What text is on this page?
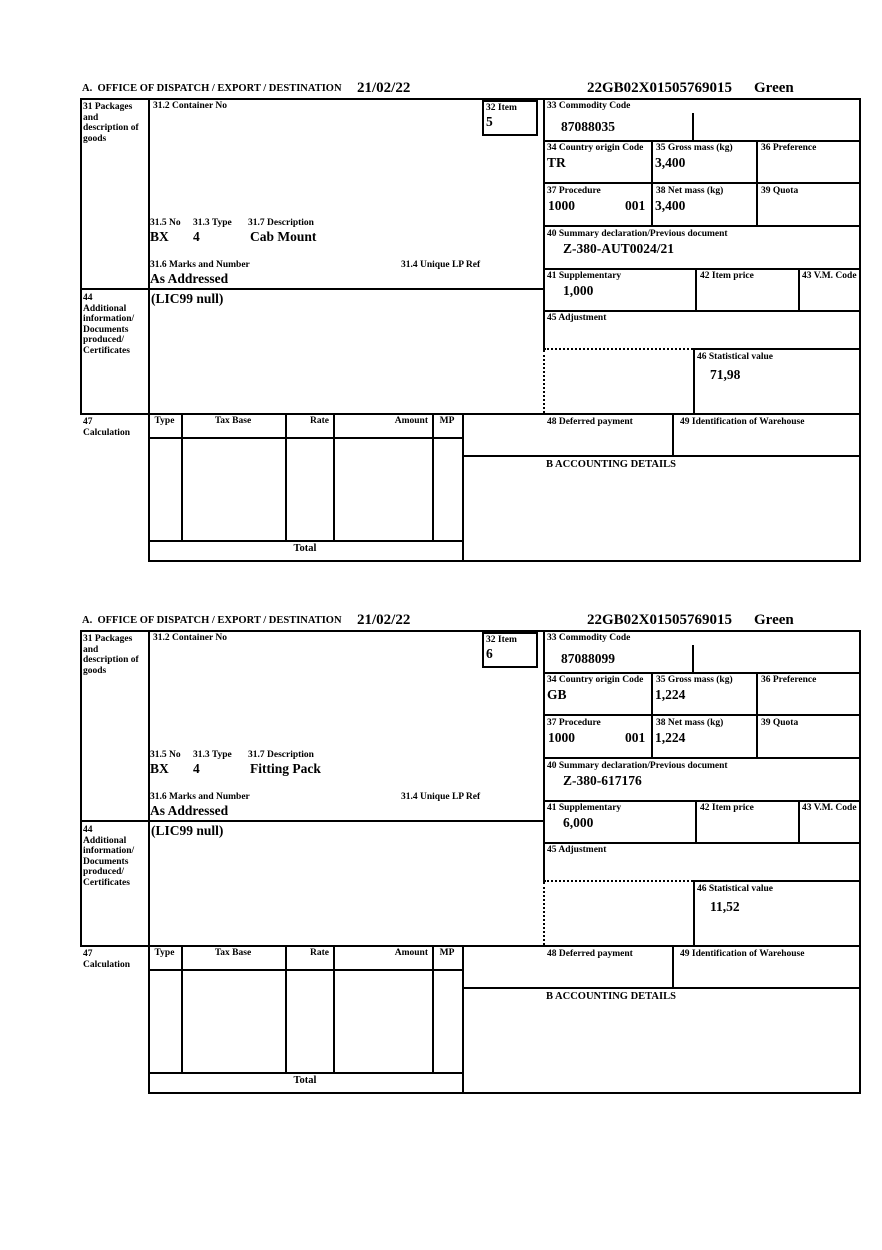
A.  OFFICE OF DISPATCH / EXPORT / DESTINATION 21/02/22	22GB02X01505769015 Green
31 Packages and description of goods
44 Additional information/ Documents produced/ Certificates
47 Calculation
31.2 Container No	32 Item
5
31.5 No 31.3 Type 31.7 Description
BX 4	Cab Mount
31.6 Marks and Number	31.4 Unique LP Ref
As Addressed
(LIC99 null)
33 Commodity Code
87088035
34 Country origin Code
TR
35 Gross mass (kg)
3,400
36 Preference
37 Procedure
1000	001
38 Net mass (kg)
3,400
39 Quota
40 Summary declaration/Previous document
Z-380-AUT0024/21
41 Supplementary
1,000
42 Item price	43 V.M. Code
45 Adjustment
46 Statistical value
71,98
Type	Tax Base	Rate	Amount	MP
Total
48 Deferred payment	49 Identification of Warehouse
B ACCOUNTING DETAILS
A.  OFFICE OF DISPATCH / EXPORT / DESTINATION 21/02/22	22GB02X01505769015 Green
31 Packages and description of goods
44 Additional information/ Documents produced/ Certificates
47 Calculation
31.2 Container No	32 Item
6
31.5 No 31.3 Type 31.7 Description
BX 4	Fitting Pack
31.6 Marks and Number	31.4 Unique LP Ref
As Addressed
(LIC99 null)
33 Commodity Code
87088099
34 Country origin Code
GB
35 Gross mass (kg)
1,224
36 Preference
37 Procedure
1000	001
38 Net mass (kg)
1,224
39 Quota
40 Summary declaration/Previous document
Z-380-617176
41 Supplementary
6,000
42 Item price	43 V.M. Code
45 Adjustment
46 Statistical value
11,52
Type	Tax Base	Rate	Amount	MP
Total
48 Deferred payment	49 Identification of Warehouse
B ACCOUNTING DETAILS
